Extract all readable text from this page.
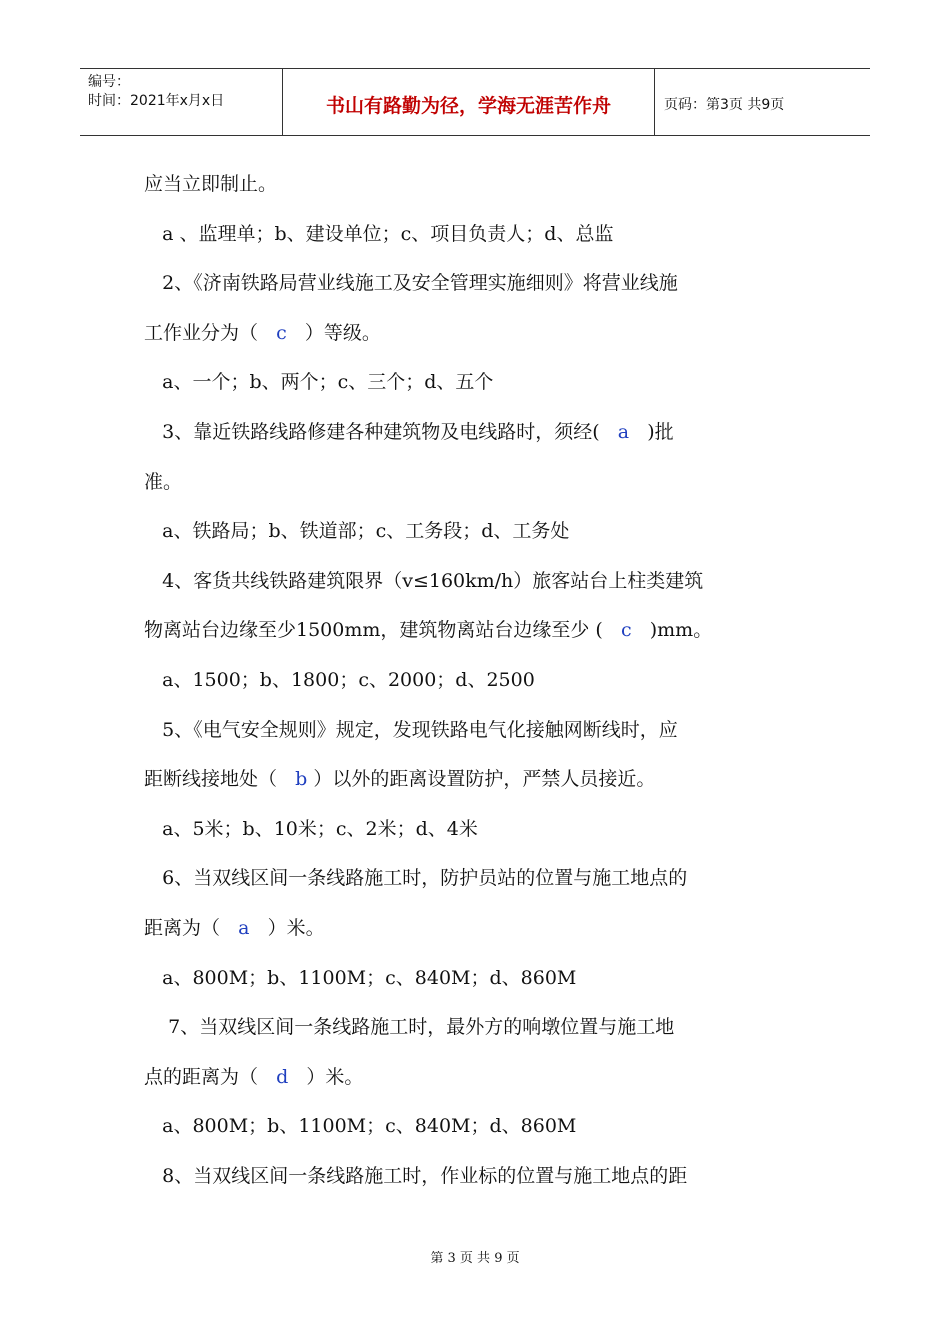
编号：
时间：2021年x月x日	书山有路勤为径，学海无涯苦作舟	页码：第3页 共9页
应当立即制止。
a 、监理单；b、建设单位；c、项目负责人；d、总监
2、《济南铁路局营业线施工及安全管理实施细则》将营业线施
工作业分为（   c   ）等级。
a、一个；b、两个；c、三个；d、五个
3、靠近铁路线路修建各种建筑物及电线路时，须经(   a   )批
准。
a、铁路局；b、铁道部；c、工务段；d、工务处
4、客货共线铁路建筑限界（v≤160km/h）旅客站台上柱类建筑
物离站台边缘至少1500mm，建筑物离站台边缘至少 (   c   )mm。
a、1500；b、1800；c、2000；d、2500
5、《电气安全规则》规定，发现铁路电气化接触网断线时，应
距断线接地处（   b ）以外的距离设置防护，严禁人员接近。
a、5米；b、10米；c、2米；d、4米
6、当双线区间一条线路施工时，防护员站的位置与施工地点的
距离为（   a   ）米。
a、800M；b、1100M；c、840M；d、860M
7、当双线区间一条线路施工时，最外方的响墩位置与施工地
点的距离为（   d   ）米。
a、800M；b、1100M；c、840M；d、860M
8、当双线区间一条线路施工时，作业标的位置与施工地点的距
第 3 页 共 9 页
